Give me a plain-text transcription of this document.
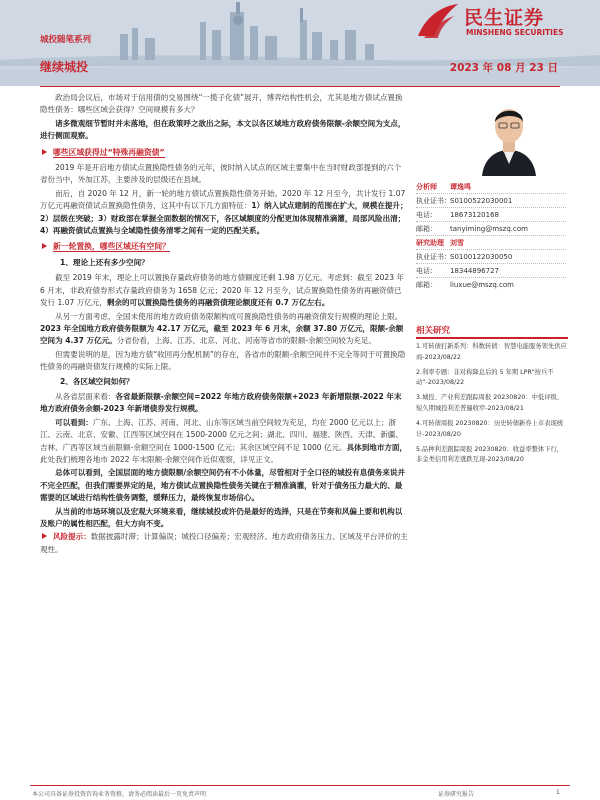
城投随笔系列
继续城投	2023 年 08 月 23 日
民生证券
MINSHENG SECURITIES

政治局会议后，市场对于信用债的交易围绕“一揽子化债”展开，博弈结构性机会，尤其是地方债试点置换隐性债务：哪些区域会获得？空间规模有多大？

诸多微观细节暂时并未落地，但在政策呼之欲出之际，本文以各区域地方政府债务限额-余额空间为支点，进行侧面观察。

哪些区域获得过“特殊再融资债”

2019 年是开启地方债试点置换隐性债务的元年，彼时纳入试点的区域主要集中在当时财政部提到的六个省份当中，外加江苏，主要涉及的层级还在县域。

而后，自 2020 年 12 月，新一轮的地方债试点置换隐性债务开始。2020 年 12 月至今，共计发行 1.07 万亿元再融资债试点置换隐性债务，这其中有以下几方面特征：1）纳入试点建制的范围在扩大，规模在提升；2）层级在突破；3）财政部在掌握全面数据的情况下，各区域额度的分配更加体现精准滴灌，局部风险出清；4）再融资债试点置换与全域隐性债务清零之间有一定的匹配关系。

新一轮置换，哪些区域还有空间？
1、理论上还有多少空间？

截至 2019 年末，理论上可以置换存量政府债务的地方债额度还剩 1.98 万亿元。考虑到：截至 2023 年 6 月末，非政府债券形式存量政府债务为 1658 亿元；2020 年 12 月至今，试点置换隐性债务的再融资债已发行 1.07 万亿元，剩余的可以置换隐性债务的再融资债理论额度还有 0.7 万亿左右。

从另一方面考虑，全国未使用的地方政府债务限额构成可置换隐性债务的再融资债发行规模的理论上限。2023 年全国地方政府债务限额为 42.17 万亿元，截至 2023 年 6 月末，余额 37.80 万亿元，限额-余额空间为 4.37 万亿元。分省份看，上海、江苏、北京、河北、河南等省市的限额-余额空间较为充足。

但需要说明的是，因为地方债“收回再分配机制”的存在，各省市的限额-余额空间并不完全等同于可置换隐性债务的再融资债发行规模的实际上限。

2、各区域空间如何？

从各省层面来看：各省最新限额-余额空间=2022 年地方政府债务限额+2023 年新增限额-2022 年末地方政府债务余额-2023 年新增债券发行规模。

可以看到：广东、上海、江苏、河南、河北、山东等区域当前空间较为充足，均在 2000 亿元以上；浙江、云南、北京、安徽、江西等区域空间在 1500-2000 亿元之间；湖北、四川、福建、陕西、天津、新疆、吉林、广西等区域当前限额-余额空间在 1000-1500 亿元；其余区域空间不足 1000 亿元。具体到地市方面，此处我们梳理各地市 2022 年末限额-余额空间作近似观察，详见正文。

总体可以看到，全国层面的地方债限额/余额空间仍有不小体量，尽管相对于全口径的城投有息债务来说并不完全匹配，但我们需要界定的是，地方债试点置换隐性债务关键在于精准滴灌，针对于债务压力最大的、最需要的区域进行结构性债务调整，缓释压力，最终恢复市场信心。

从当前的市场环境以及宏观大环境来看，继续城投或许仍是最好的选择，只是在节奏和风偏上要和机构以及账户的属性相匹配，但大方向不变。

风险提示：数据披露时滞；计算偏误；城投口径偏差；宏观经济、地方政府债务压力、区域及平台评价的主观性。
分析师	谭逸鸣
执业证书： S0100522030001
电话：	18673120168
邮箱：	tanyiming@mszq.com
研究助理 刘雪
执业证书： S0100122030050
电话：	18344896727
邮箱：	liuxue@mszq.com
相关研究
1.可转债打新系列：科数转债：智慧电能服务领先供应商-2023/08/22
2.利率专题：非对称降息后的 5 年期 LPR“按兵不动”-2023/08/22
3.城投、产业利差跟踪周报 20230820：中低评级、短久期城投利差普遍收窄-2023/08/21
4.可转债周报 20230820：历史转债新券上市表现统计-2023/08/20
5.品种利差跟踪周报 20230820：收益率整体下行，非金类信用利差涨跌互现-2023/08/20
本公司具备证券投资咨询业务资格，请务必阅读最后一页免责声明	证券研究报告	1
